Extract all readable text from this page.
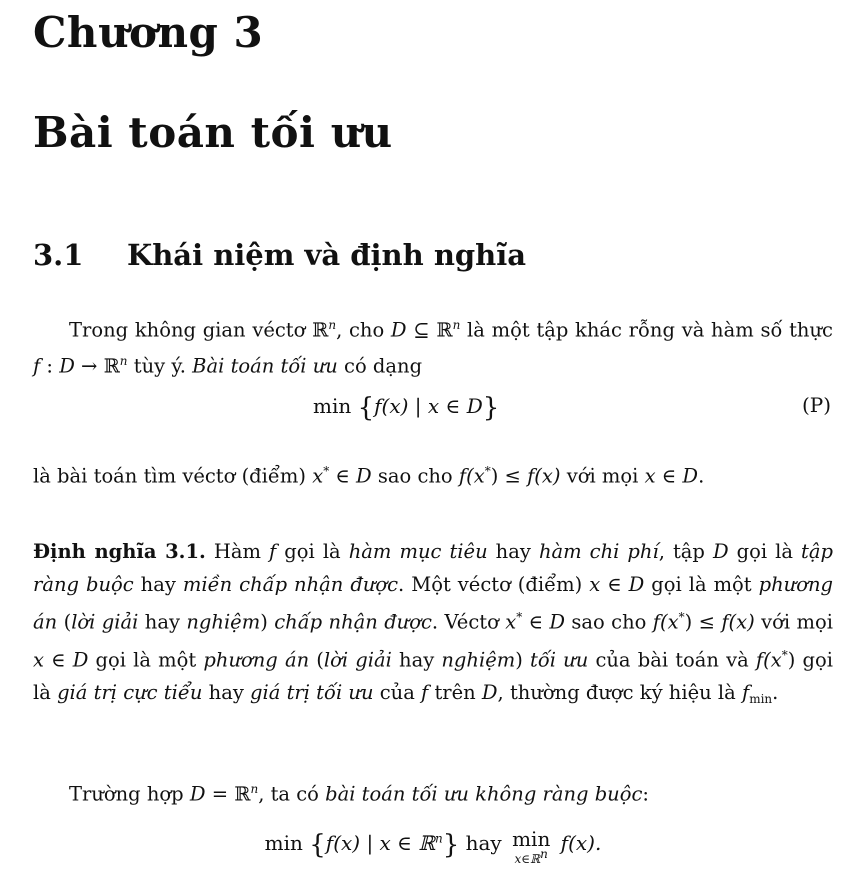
Chương 3
Bài toán tối ưu
3.1 Khái niệm và định nghĩa
Trong không gian véctơ ℝ$^n$, cho D ⊆ ℝ$^n$ là một tập khác rỗng và hàm số thực f : D → ℝ$^n$ tùy ý. Bài toán tối ưu có dạng
min {f(x) | x ∈ D}	(P)
là bài toán tìm véctơ (điểm) x* ∈ D sao cho f(x*) ≤ f(x) với mọi x ∈ D.
Định nghĩa 3.1. Hàm f gọi là hàm mục tiêu hay hàm chi phí, tập D gọi là tập ràng buộc hay miền chấp nhận được. Một véctơ (điểm) x ∈ D gọi là một phương án (lời giải hay nghiệm) chấp nhận được. Véctơ x* ∈ D sao cho f(x*) ≤ f(x) với mọi x ∈ D gọi là một phương án (lời giải hay nghiệm) tối ưu của bài toán và f(x*) gọi là giá trị cực tiểu hay giá trị tối ưu của f trên D, thường được ký hiệu là $f_{min}$.
Trường hợp D = ℝ$^n$, ta có bài toán tối ưu không ràng buộc:
min {f(x) | x ∈ ℝ$^n$} hay min
x∈ℝ$^n$ f(x).
